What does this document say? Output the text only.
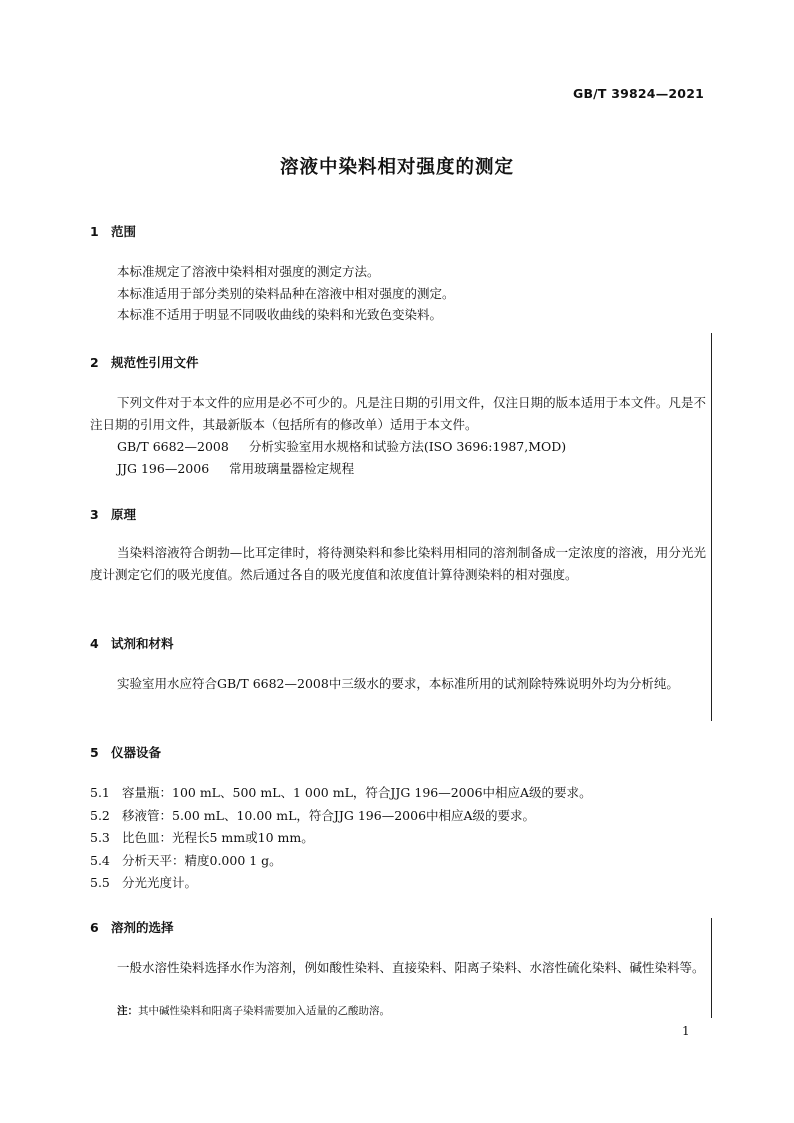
GB/T 39824—2021
溶液中染料相对强度的测定
1 范围

本标准规定了溶液中染料相对强度的测定方法。

本标准适用于部分类别的染料品种在溶液中相对强度的测定。

本标准不适用于明显不同吸收曲线的染料和光致色变染料。

2 规范性引用文件

下列文件对于本文件的应用是必不可少的。凡是注日期的引用文件，仅注日期的版本适用于本文件。凡是不注日期的引用文件，其最新版本（包括所有的修改单）适用于本文件。

GB/T 6682—2008 分析实验室用水规格和试验方法(ISO 3696:1987,MOD)
JJG 196—2006 常用玻璃量器检定规程
3 原理

当染料溶液符合朗勃—比耳定律时，将待测染料和参比染料用相同的溶剂制备成一定浓度的溶液，用分光光度计测定它们的吸光度值。然后通过各自的吸光度值和浓度值计算待测染料的相对强度。

4 试剂和材料

实验室用水应符合GB/T 6682—2008中三级水的要求，本标准所用的试剂除特殊说明外均为分析纯。

5 仪器设备
5.1 容量瓶：100 mL、500 mL、1 000 mL，符合JJG 196—2006中相应A级的要求。
5.2 移液管：5.00 mL、10.00 mL，符合JJG 196—2006中相应A级的要求。
5.3 比色皿：光程长5 mm或10 mm。
5.4 分析天平：精度0.000 1 g。
5.5 分光光度计。
6 溶剂的选择

一般水溶性染料选择水作为溶剂，例如酸性染料、直接染料、阳离子染料、水溶性硫化染料、碱性染料等。

注：其中碱性染料和阳离子染料需要加入适量的乙酸助溶。
1
